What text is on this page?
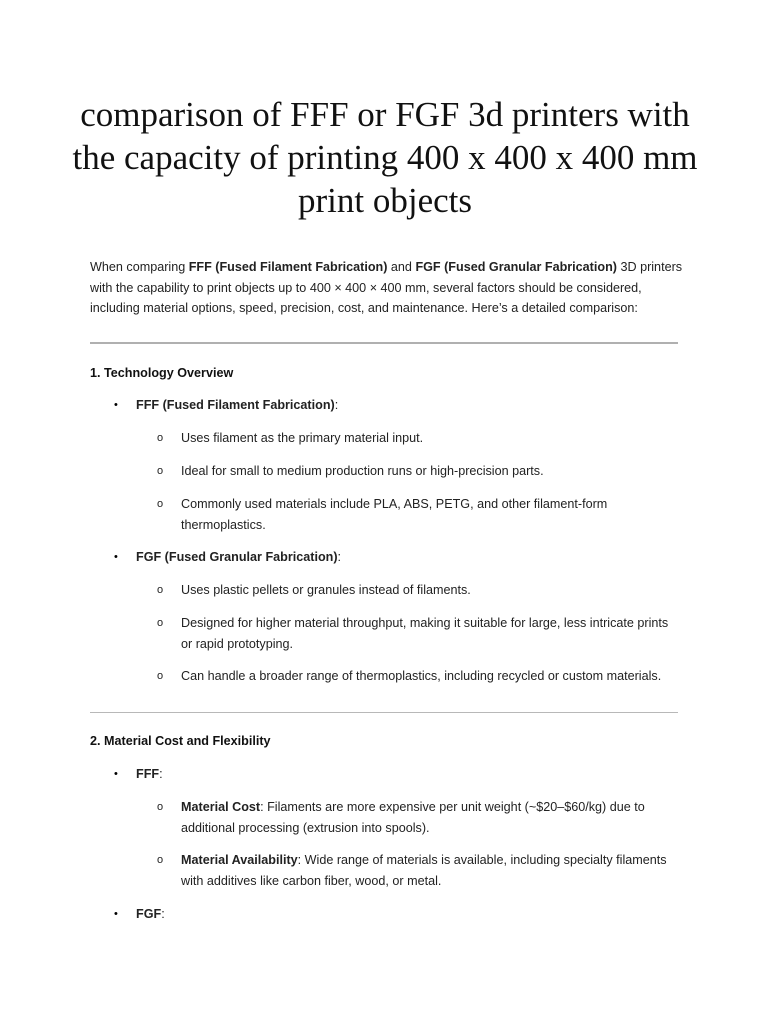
comparison of FFF or FGF 3d printers with the capacity of printing 400 x 400 x 400 mm print objects

When comparing FFF (Fused Filament Fabrication) and FGF (Fused Granular Fabrication) 3D printers with the capability to print objects up to 400 × 400 × 400 mm, several factors should be considered, including material options, speed, precision, cost, and maintenance. Here’s a detailed comparison:

1. Technology Overview
• FFF (Fused Filament Fabrication):
o Uses filament as the primary material input.
o Ideal for small to medium production runs or high-precision parts.
o Commonly used materials include PLA, ABS, PETG, and other filament-form thermoplastics.
• FGF (Fused Granular Fabrication):
o Uses plastic pellets or granules instead of filaments.
o Designed for higher material throughput, making it suitable for large, less intricate prints or rapid prototyping.
o Can handle a broader range of thermoplastics, including recycled or custom materials.
2. Material Cost and Flexibility
• FFF:
o Material Cost: Filaments are more expensive per unit weight (~$20–$60/kg) due to additional processing (extrusion into spools).
o Material Availability: Wide range of materials is available, including specialty filaments with additives like carbon fiber, wood, or metal.
• FGF:
